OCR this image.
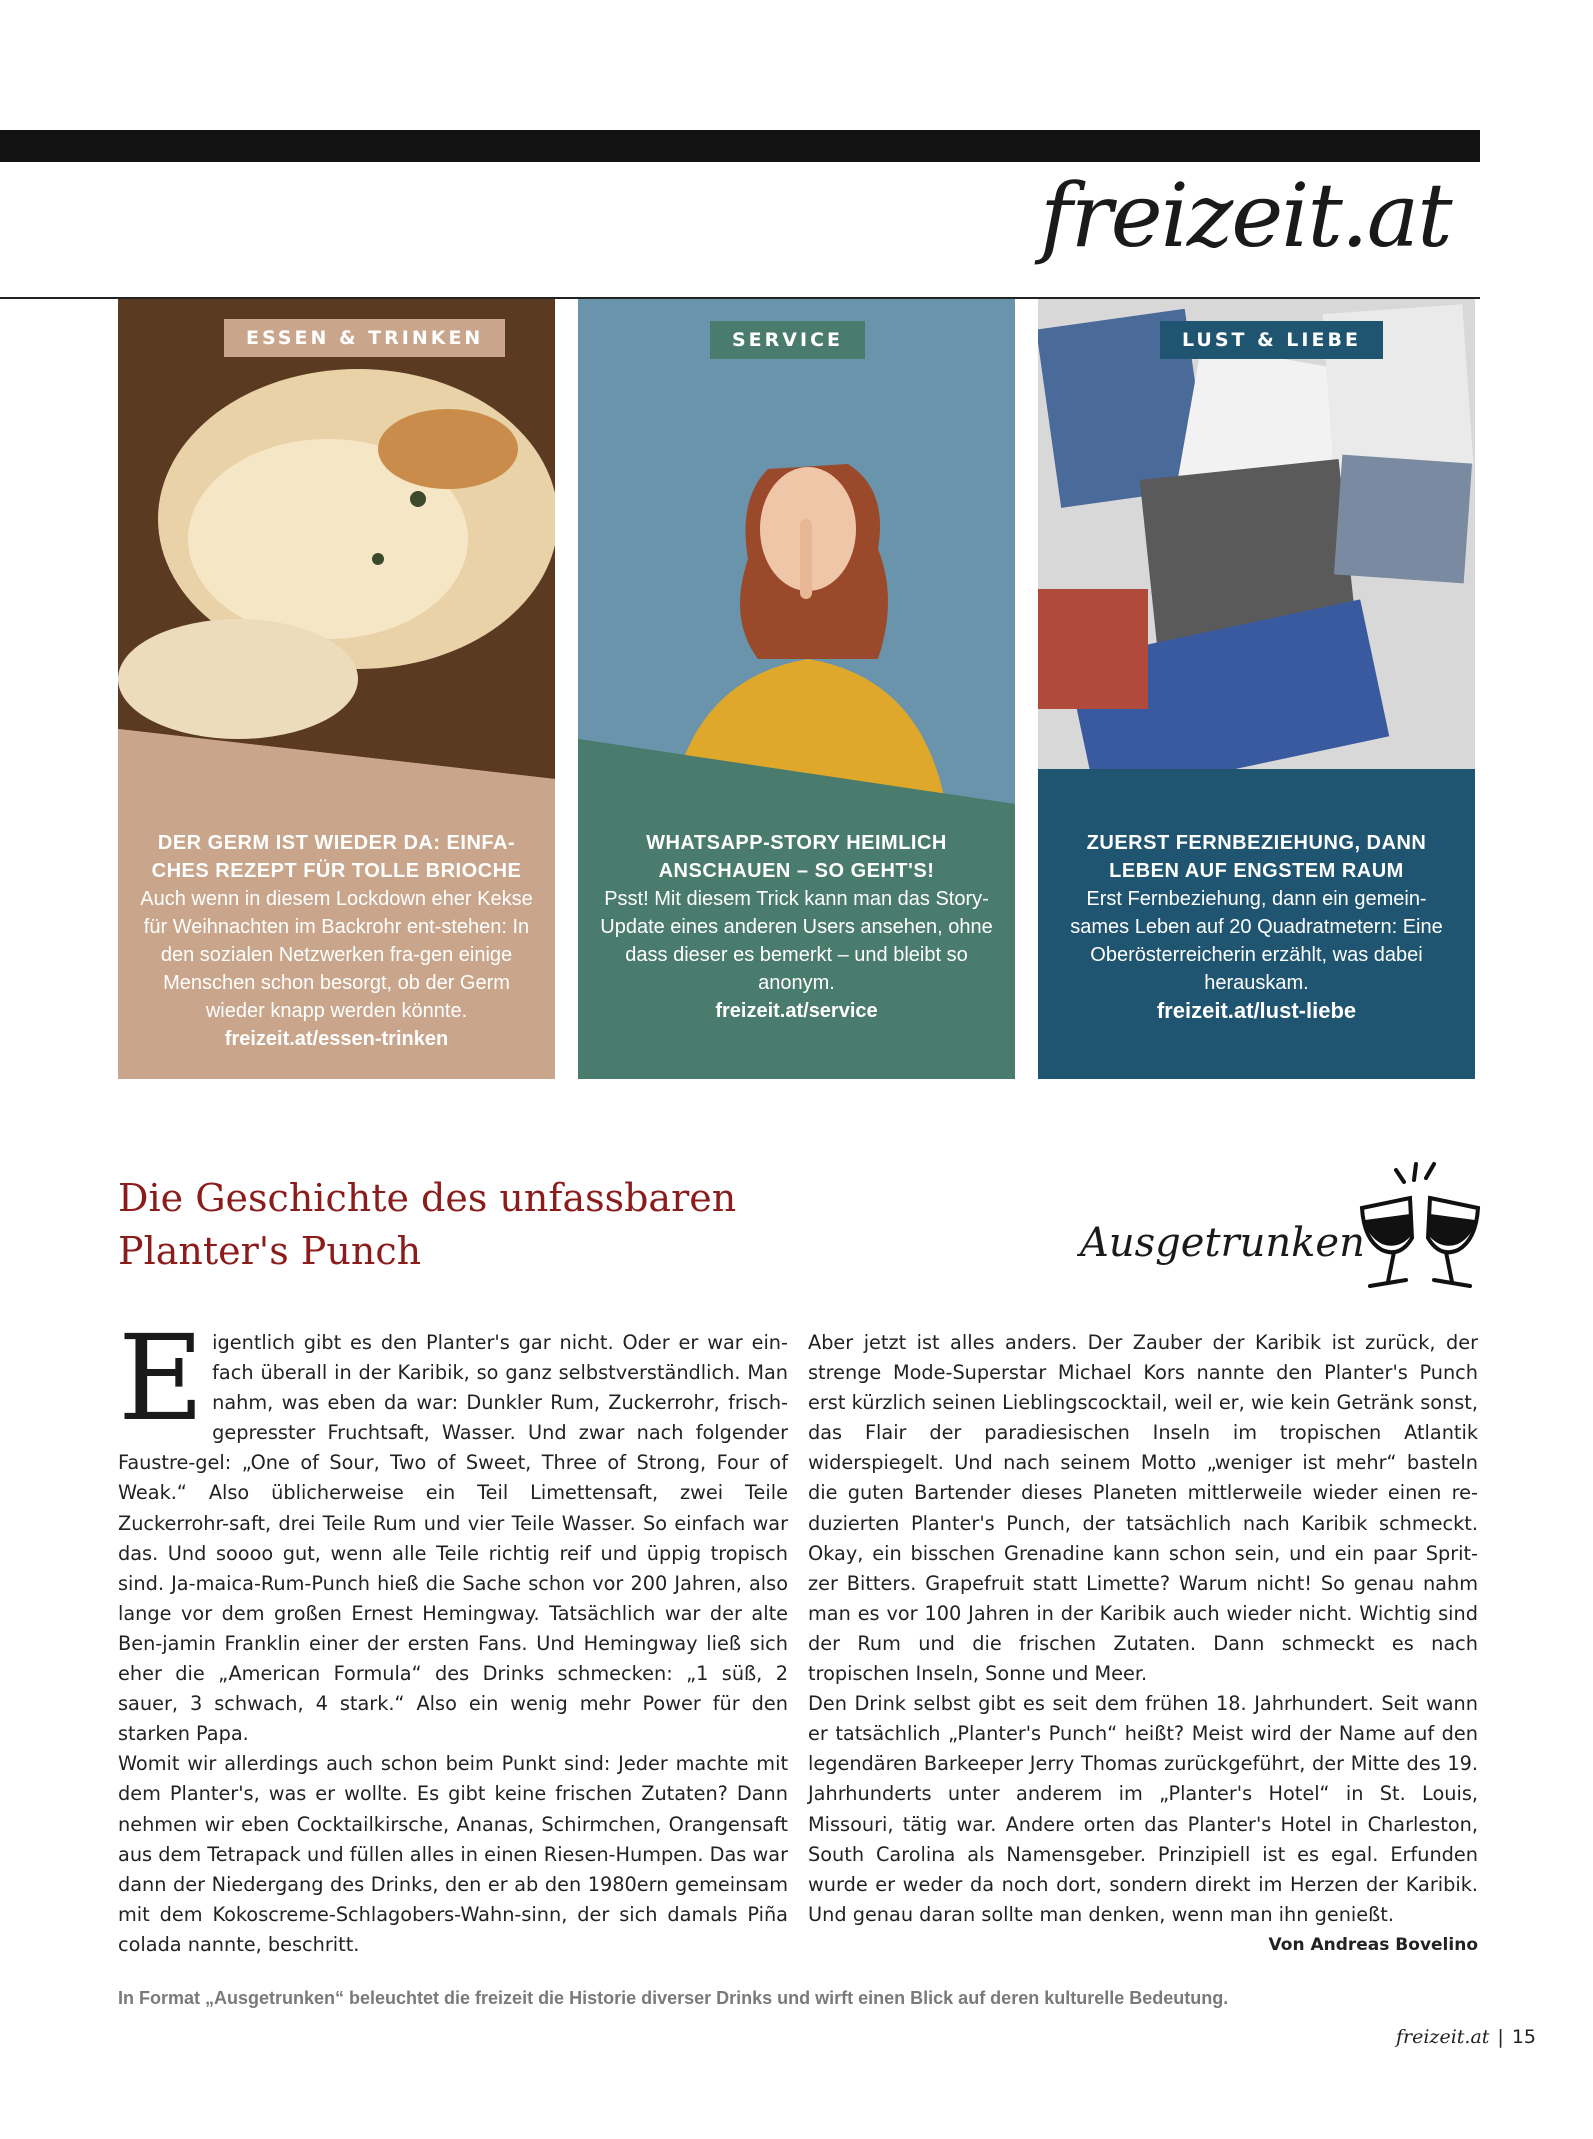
freizeit.at
ESSEN & TRINKEN
DER GERM IST WIEDER DA: EINFA-CHES REZEPT FÜR TOLLE BRIOCHE
Auch wenn in diesem Lockdown eher Kekse für Weihnachten im Backrohr ent-stehen: In den sozialen Netzwerken fra-gen einige Menschen schon besorgt, ob der Germ wieder knapp werden könnte.
freizeit.at/essen-trinken
SERVICE
WHATSAPP-STORY HEIMLICH ANSCHAUEN – SO GEHT'S!
Psst! Mit diesem Trick kann man das Story-Update eines anderen Users ansehen, ohne dass dieser es bemerkt – und bleibt so anonym.
freizeit.at/service
LUST & LIEBE
ZUERST FERNBEZIEHUNG, DANN LEBEN AUF ENGSTEM RAUM
Erst Fernbeziehung, dann ein gemein-sames Leben auf 20 Quadratmetern: Eine Oberösterreicherin erzählt, was dabei herauskam.
freizeit.at/lust-liebe
Die Geschichte des unfassbaren
Planter's Punch	Ausgetrunken

Eigentlich gibt es den Planter's gar nicht. Oder er war ein-fach überall in der Karibik, so ganz selbstverständlich. Man nahm, was eben da war: Dunkler Rum, Zuckerrohr, frisch-gepresster Fruchtsaft, Wasser. Und zwar nach folgender Faustre-gel: „One of Sour, Two of Sweet, Three of Strong, Four of Weak.“ Also üblicherweise ein Teil Limettensaft, zwei Teile Zuckerrohr-saft, drei Teile Rum und vier Teile Wasser. So einfach war das. Und soooo gut, wenn alle Teile richtig reif und üppig tropisch sind. Ja-maica-Rum-Punch hieß die Sache schon vor 200 Jahren, also lange vor dem großen Ernest Hemingway. Tatsächlich war der alte Ben-jamin Franklin einer der ersten Fans. Und Hemingway ließ sich eher die „American Formula“ des Drinks schmecken: „1 süß, 2 sauer, 3 schwach, 4 stark.“ Also ein wenig mehr Power für den starken Papa.

Womit wir allerdings auch schon beim Punkt sind: Jeder machte mit dem Planter's, was er wollte. Es gibt keine frischen Zutaten? Dann nehmen wir eben Cocktailkirsche, Ananas, Schirmchen, Orangensaft aus dem Tetrapack und füllen alles in einen Riesen-Humpen. Das war dann der Niedergang des Drinks, den er ab den 1980ern gemeinsam mit dem Kokoscreme-Schlagobers-Wahn-sinn, der sich damals Piña colada nannte, beschritt.

Aber jetzt ist alles anders. Der Zauber der Karibik ist zurück, der strenge Mode-Superstar Michael Kors nannte den Planter's Punch erst kürzlich seinen Lieblingscocktail, weil er, wie kein Getränk sonst, das Flair der paradiesischen Inseln im tropischen Atlantik widerspiegelt. Und nach seinem Motto „weniger ist mehr“ basteln die guten Bartender dieses Planeten mittlerweile wieder einen re-duzierten Planter's Punch, der tatsächlich nach Karibik schmeckt. Okay, ein bisschen Grenadine kann schon sein, und ein paar Sprit-zer Bitters. Grapefruit statt Limette? Warum nicht! So genau nahm man es vor 100 Jahren in der Karibik auch wieder nicht. Wichtig sind der Rum und die frischen Zutaten. Dann schmeckt es nach tropischen Inseln, Sonne und Meer.

Den Drink selbst gibt es seit dem frühen 18. Jahrhundert. Seit wann er tatsächlich „Planter's Punch“ heißt? Meist wird der Name auf den legendären Barkeeper Jerry Thomas zurückgeführt, der Mitte des 19. Jahrhunderts unter anderem im „Planter's Hotel“ in St. Louis, Missouri, tätig war. Andere orten das Planter's Hotel in Charleston, South Carolina als Namensgeber. Prinzipiell ist es egal. Erfunden wurde er weder da noch dort, sondern direkt im Herzen der Karibik. Und genau daran sollte man denken, wenn man ihn genießt.
Von Andreas Bovelino

In Format „Ausgetrunken“ beleuchtet die freizeit die Historie diverser Drinks und wirft einen Blick auf deren kulturelle Bedeutung.
freizeit.at | 15
